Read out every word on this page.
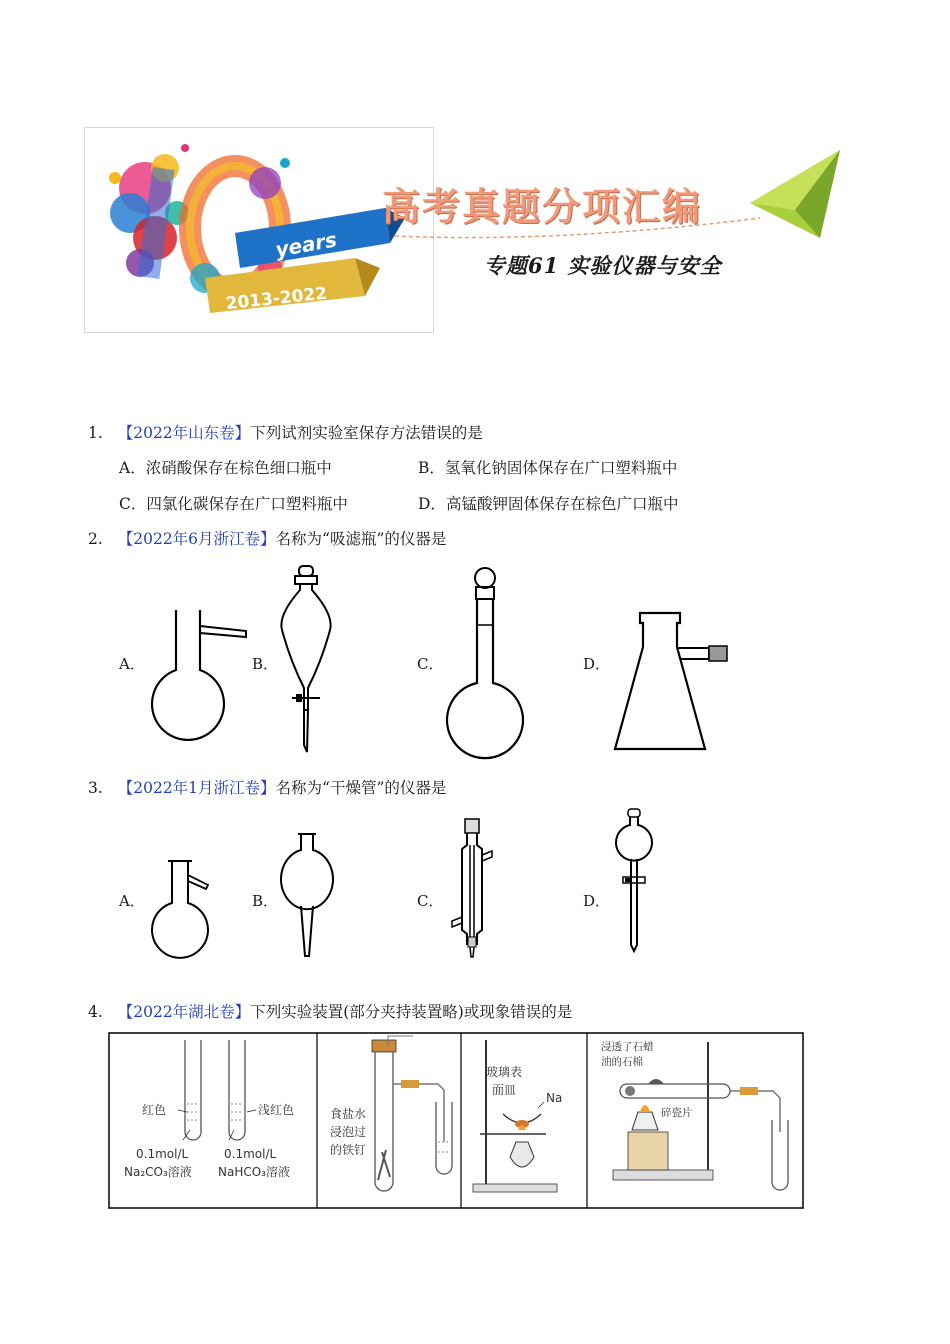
years
2013-2022
高考真题分项汇编
专题61 实验仪器与安全
1. 【2022年山东卷】下列试剂实验室保存方法错误的是
A．浓硝酸保存在棕色细口瓶中	B．氢氧化钠固体保存在广口塑料瓶中
C．四氯化碳保存在广口塑料瓶中	D．高锰酸钾固体保存在棕色广口瓶中
2. 【2022年6月浙江卷】名称为“吸滤瓶”的仪器是
A．	B．	C．	D．
3. 【2022年1月浙江卷】名称为“干燥管”的仪器是
A．	B．	C．	D．
4. 【2022年湖北卷】下列实验装置(部分夹持装置略)或现象错误的是
红色	浅红色
0.1mol/L
Na₂CO₃溶液
0.1mol/L
NaHCO₃溶液
食盐水
浸泡过
的铁钉
玻璃表
面皿
Na
浸透了石蜡
油的石棉
碎瓷片
